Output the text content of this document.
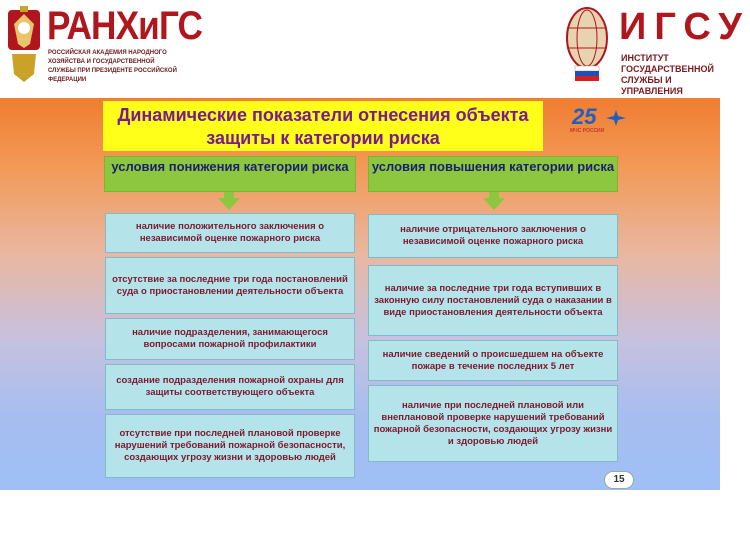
РАНХиГС
РОССИЙСКАЯ АКАДЕМИЯ НАРОДНОГО ХОЗЯЙСТВА И ГОСУДАРСТВЕННОЙ СЛУЖБЫ ПРИ ПРЕЗИДЕНТЕ РОССИЙСКОЙ ФЕДЕРАЦИИ
ИГСУ
ИНСТИТУТ ГОСУДАРСТВЕННОЙ СЛУЖБЫ И УПРАВЛЕНИЯ
Динамические показатели отнесения объекта защиты к категории риска
25
МЧС РОССИИ
условия понижения категории риска
наличие положительного заключения о независимой оценке пожарного риска
отсутствие за последние три года постановлений суда о приостановлении деятельности объекта
наличие подразделения, занимающегося вопросами пожарной профилактики
создание подразделения пожарной охраны для защиты соответствующего объекта
отсутствие при последней плановой проверке нарушений требований пожарной безопасности, создающих угрозу жизни и здоровью людей
условия повышения категории риска
наличие отрицательного заключения о независимой оценке пожарного риска
наличие за последние три года вступивших в законную силу постановлений суда о наказании в виде приостановления деятельности объекта
наличие сведений о происшедшем на объекте пожаре в течение последних 5 лет
наличие при последней плановой или внеплановой проверке нарушений требований пожарной безопасности, создающих угрозу жизни и здоровью людей
15
